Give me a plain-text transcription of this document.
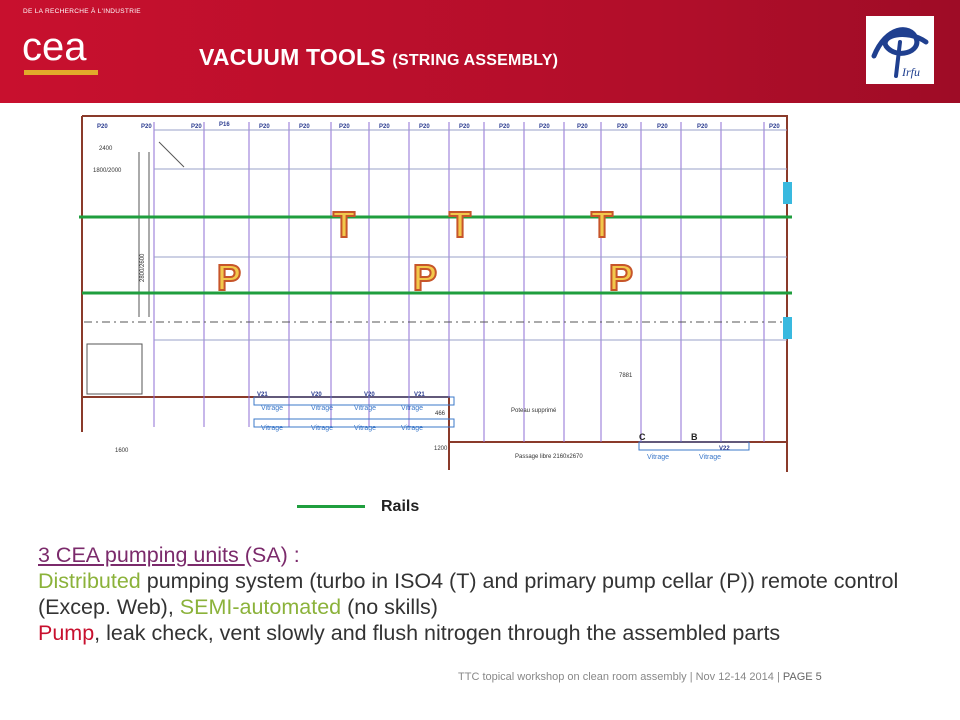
DE LA RECHERCHE À L'INDUSTRIE
cea	VACUUM TOOLS (STRING ASSEMBLY)
Irfu
Vitrage	Vitrage	Vitrage	Vitrage
Vitrage	Vitrage	Vitrage	Vitrage
Vitrage	Vitrage
P20	P20	P20	P16	P20	P20	P20	P20	P20	P20	P20	P20	P20	P20	P20	P20	P20
V21	V20	V20	V21
V22
2400
1800/2000
2800/2600
1600	1200
7881
466
Passage libre 2160x2670
Poteau supprimé
C	B
T	T	T
P	P	P
Rails
3 CEA pumping units (SA) :
Distributed pumping system (turbo in ISO4 (T) and primary pump cellar (P)) remote control (Excep. Web), SEMI-automated (no skills)
Pump, leak check, vent slowly and flush nitrogen through the assembled parts
TTC topical workshop on clean room assembly | Nov 12-14 2014 | PAGE 5
